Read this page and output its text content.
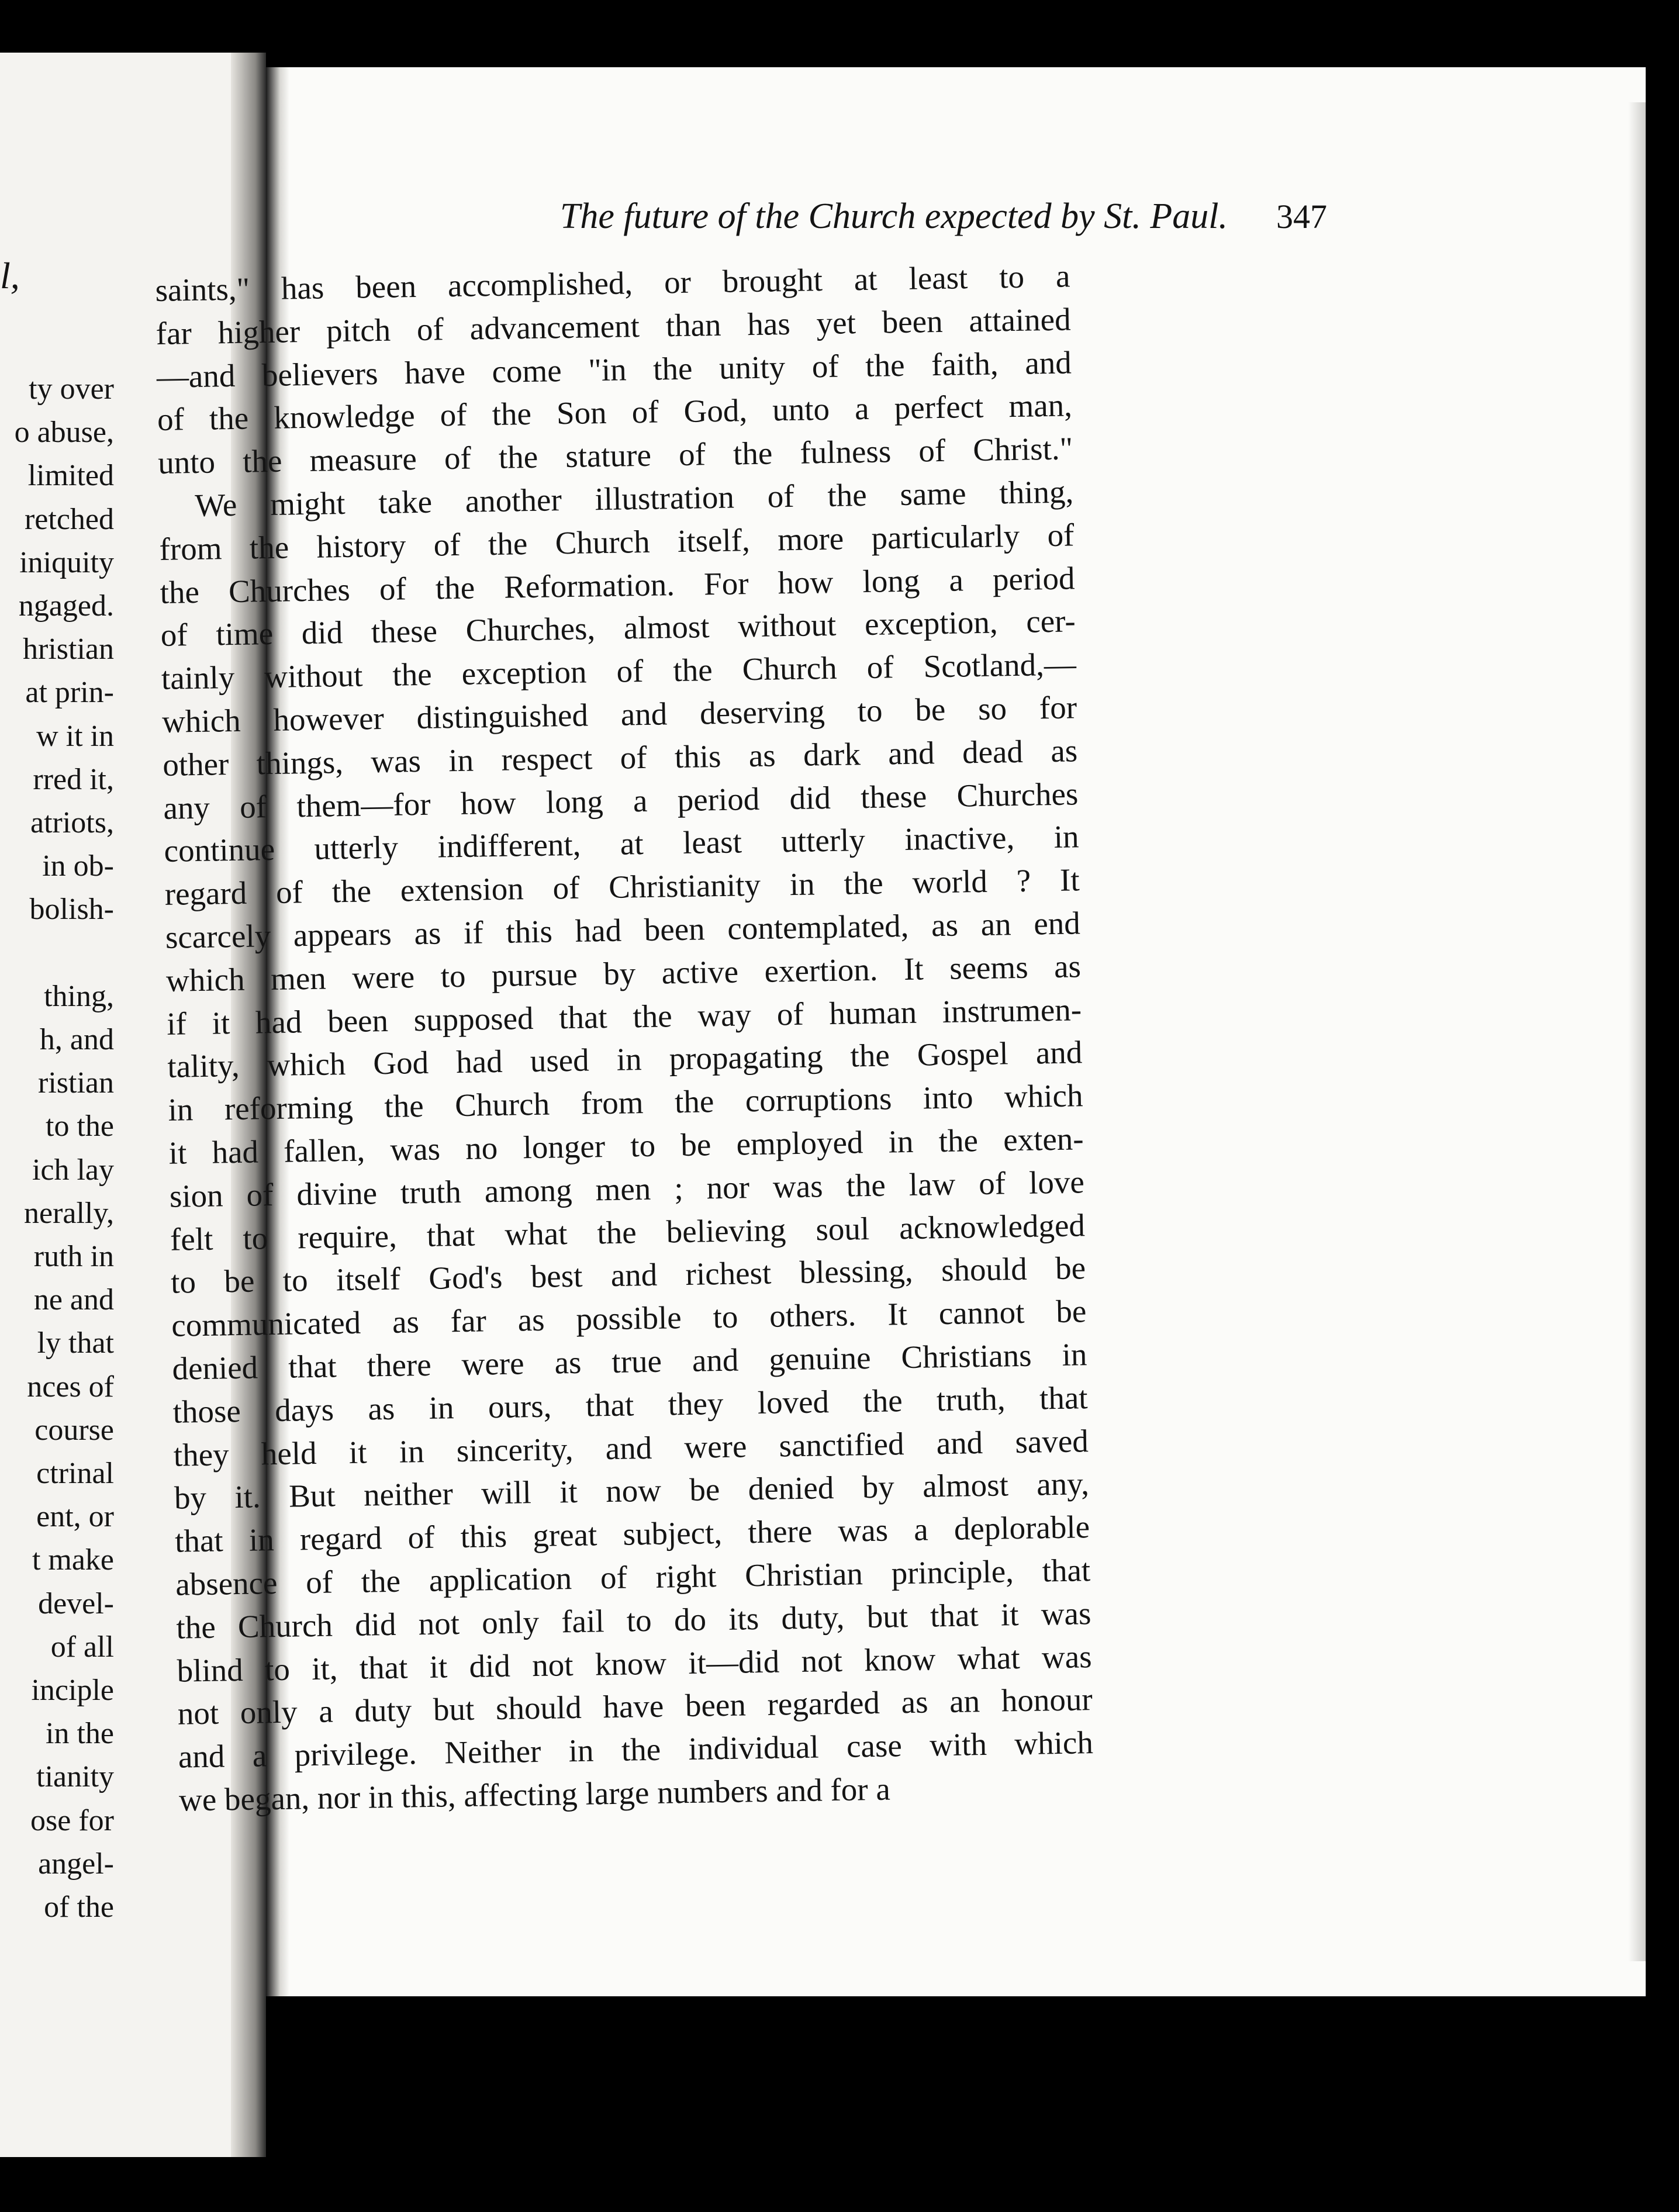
l,
ty over
o abuse,
limited
retched
iniquity
ngaged.
hristian
at prin-
w it in
rred it,
atriots,
in ob-
bolish-
thing,
h, and
ristian
to the
ich lay
nerally,
ruth in
ne and
ly that
nces of
course
ctrinal
ent, or
t make
devel-
of all
inciple
in the
tianity
ose for
angel-
of the
The future of the Church expected by St. Paul. 347
saints," has been accomplished, or brought at least to a
far higher pitch of advancement than has yet been attained
—and believers have come "in the unity of the faith, and
of the knowledge of the Son of God, unto a perfect man,
unto the measure of the stature of the fulness of Christ."
We might take another illustration of the same thing,
from the history of the Church itself, more particularly of
the Churches of the Reformation. For how long a period
of time did these Churches, almost without exception, cer-
tainly without the exception of the Church of Scotland,—
which however distinguished and deserving to be so for
other things, was in respect of this as dark and dead as
any of them—for how long a period did these Churches
continue utterly indifferent, at least utterly inactive, in
regard of the extension of Christianity in the world ? It
scarcely appears as if this had been contemplated, as an end
which men were to pursue by active exertion. It seems as
if it had been supposed that the way of human instrumen-
tality, which God had used in propagating the Gospel and
in reforming the Church from the corruptions into which
it had fallen, was no longer to be employed in the exten-
sion of divine truth among men ; nor was the law of love
felt to require, that what the believing soul acknowledged
to be to itself God's best and richest blessing, should be
communicated as far as possible to others. It cannot be
denied that there were as true and genuine Christians in
those days as in ours, that they loved the truth, that
they held it in sincerity, and were sanctified and saved
by it. But neither will it now be denied by almost any,
that in regard of this great subject, there was a deplorable
absence of the application of right Christian principle, that
the Church did not only fail to do its duty, but that it was
blind to it, that it did not know it—did not know what was
not only a duty but should have been regarded as an honour
and a privilege. Neither in the individual case with which
we began, nor in this, affecting large numbers and for a
